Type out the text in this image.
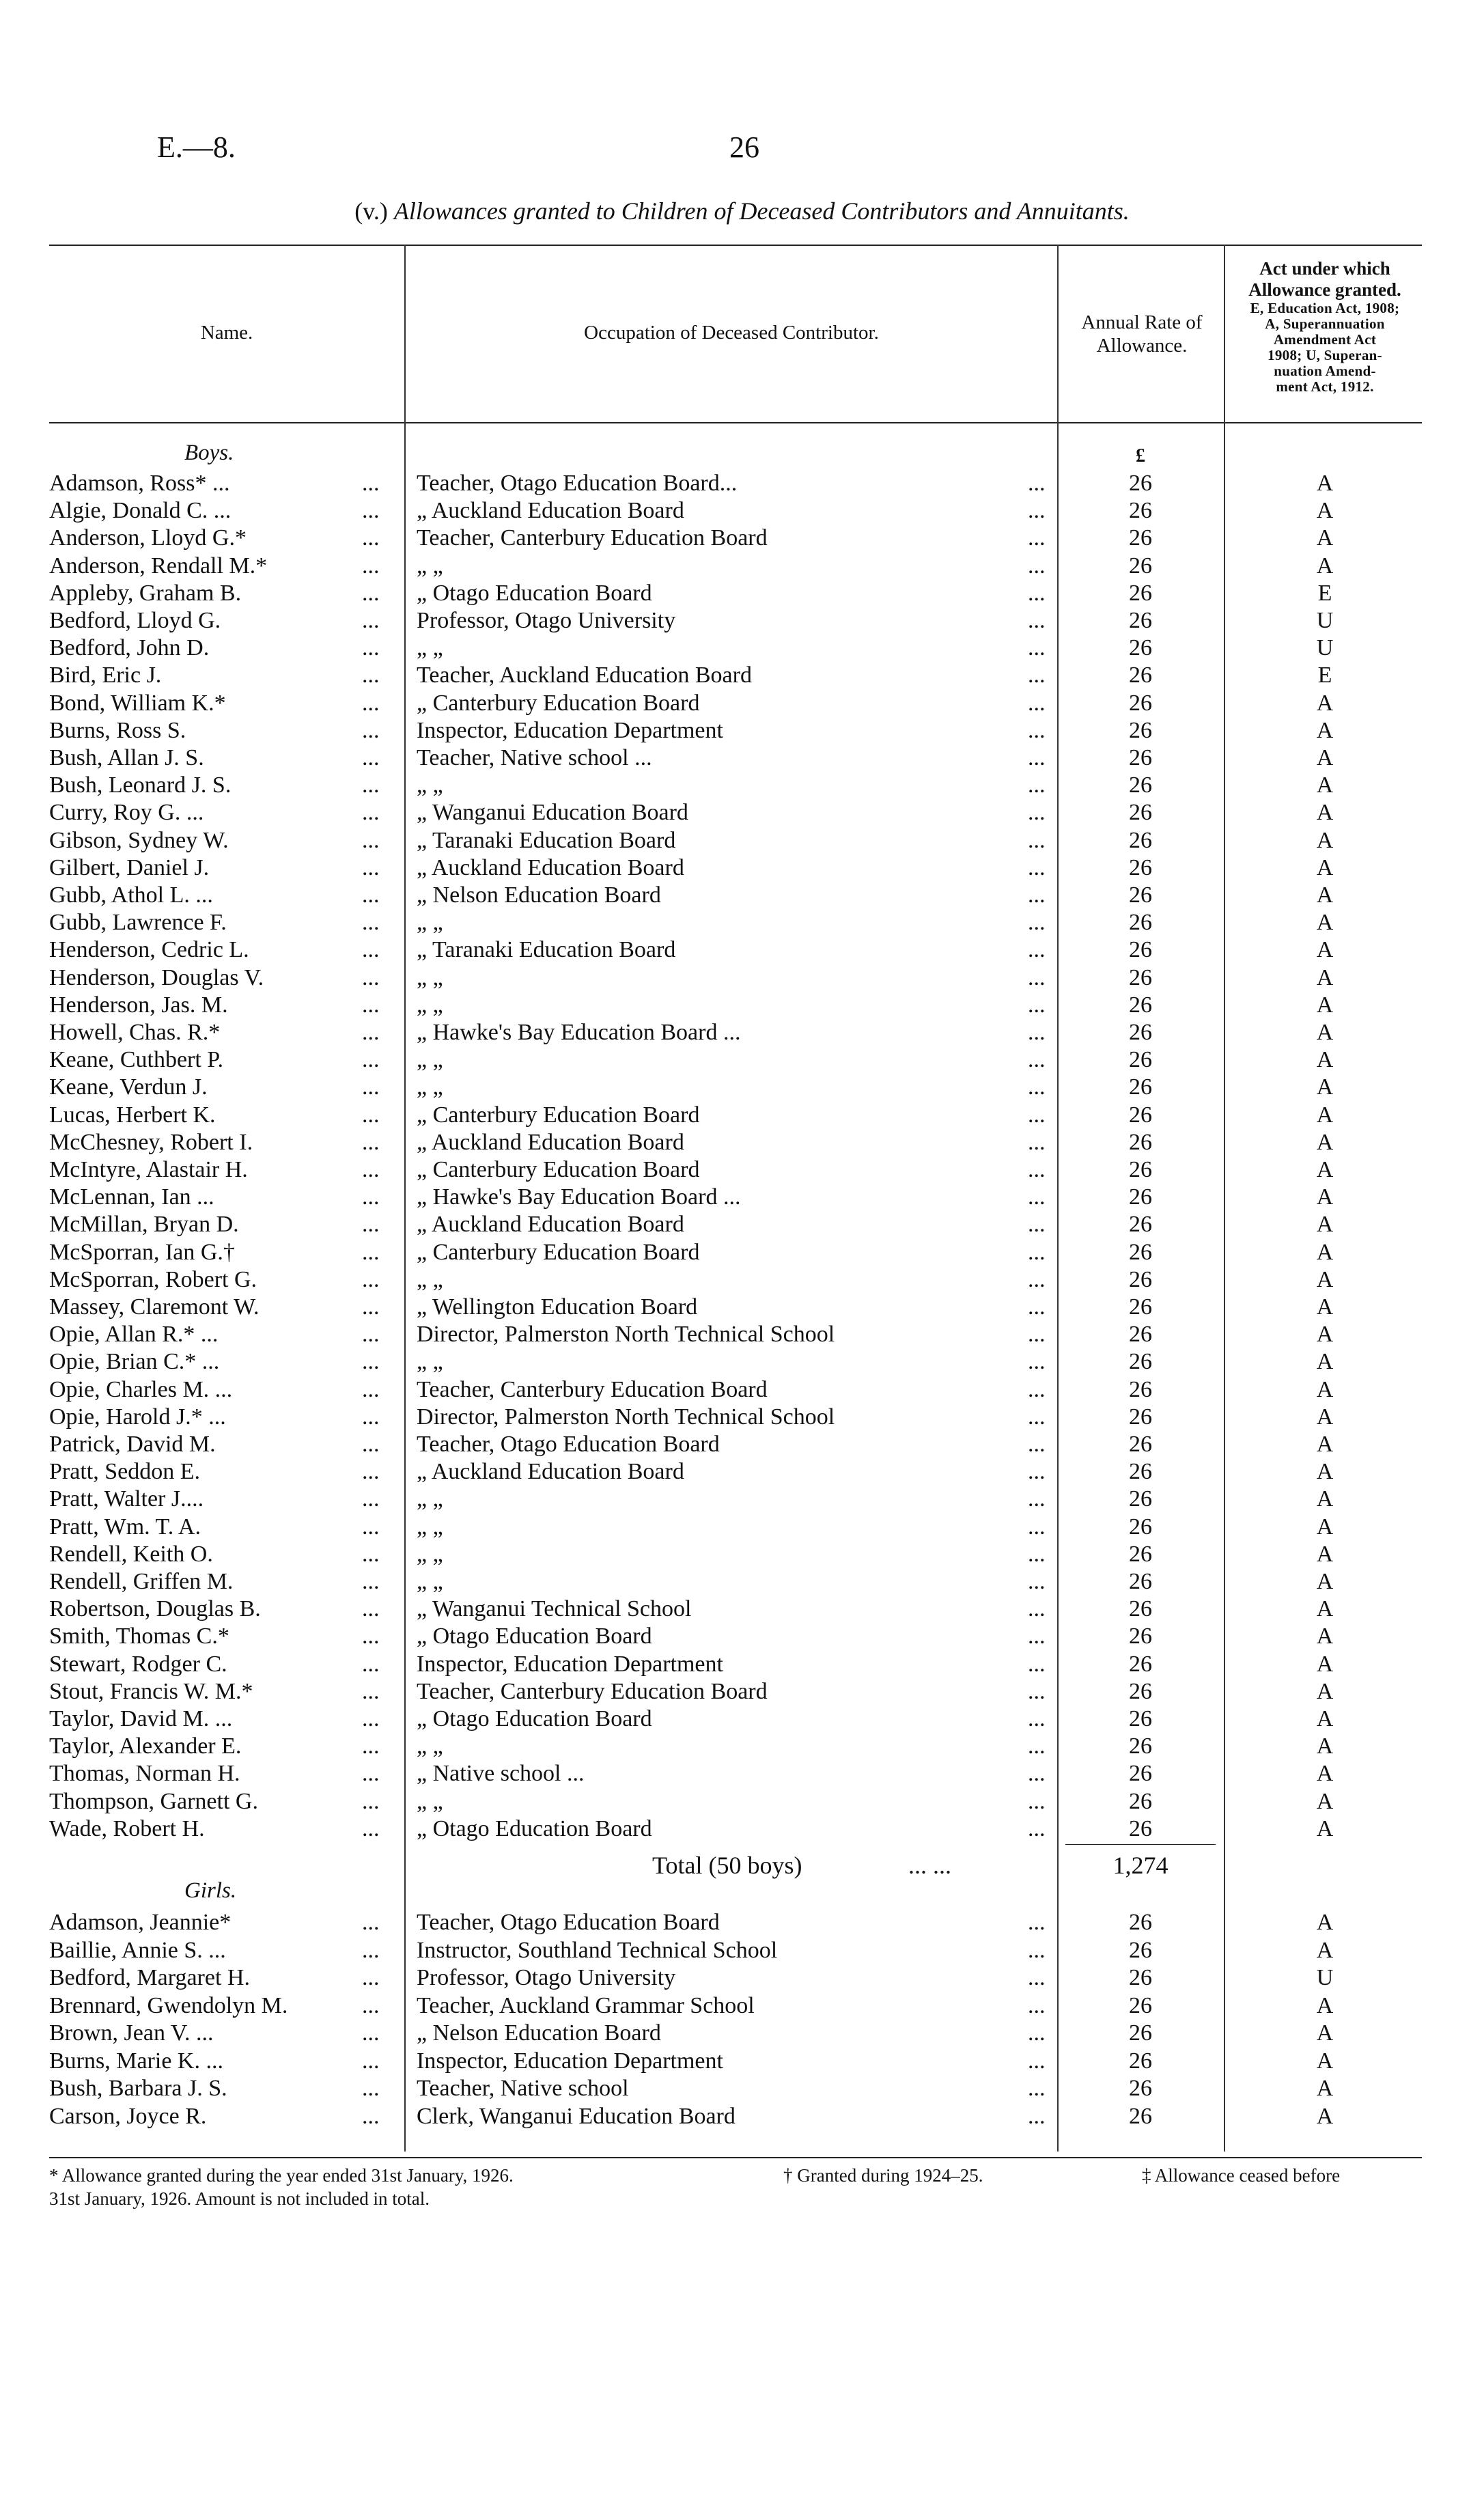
E.—8.	26
(v.) Allowances granted to Children of Deceased Contributors and Annuitants.
Name.	Occupation of Deceased Contributor.	Annual Rate of
Allowance.
Act under which
Allowance granted.
E, Education Act, 1908;
A, Superannuation
Amendment Act
1908; U, Superan-
nuation Amend-
ment Act, 1912.
Boys.	£
Adamson, Ross* ...	... Teacher, Otago Education Board...	...	26	A
Algie, Donald C. ...	... „ Auckland Education Board	...	26	A
Anderson, Lloyd G.*	... Teacher, Canterbury Education Board	...	26	A
Anderson, Rendall M.*	... „ „	...	26	A
Appleby, Graham B.	... „ Otago Education Board	...	26	E
Bedford, Lloyd G.	... Professor, Otago University	...	26	U
Bedford, John D.	... „ „	...	26	U
Bird, Eric J.	... Teacher, Auckland Education Board	...	26	E
Bond, William K.*	... „ Canterbury Education Board	...	26	A
Burns, Ross S.	... Inspector, Education Department	...	26	A
Bush, Allan J. S.	... Teacher, Native school ...	...	26	A
Bush, Leonard J. S.	... „ „	...	26	A
Curry, Roy G. ...	... „ Wanganui Education Board	...	26	A
Gibson, Sydney W.	... „ Taranaki Education Board	...	26	A
Gilbert, Daniel J.	... „ Auckland Education Board	...	26	A
Gubb, Athol L. ...	... „ Nelson Education Board	...	26	A
Gubb, Lawrence F.	... „ „	...	26	A
Henderson, Cedric L.	... „ Taranaki Education Board	...	26	A
Henderson, Douglas V.	... „ „	...	26	A
Henderson, Jas. M.	... „ „	...	26	A
Howell, Chas. R.*	... „ Hawke's Bay Education Board ...	...	26	A
Keane, Cuthbert P.	... „ „	...	26	A
Keane, Verdun J.	... „ „	...	26	A
Lucas, Herbert K.	... „ Canterbury Education Board	...	26	A
McChesney, Robert I.	... „ Auckland Education Board	...	26	A
McIntyre, Alastair H.	... „ Canterbury Education Board	...	26	A
McLennan, Ian ...	... „ Hawke's Bay Education Board ...	...	26	A
McMillan, Bryan D.	... „ Auckland Education Board	...	26	A
McSporran, Ian G.†	... „ Canterbury Education Board	...	26	A
McSporran, Robert G.	... „ „	...	26	A
Massey, Claremont W.	... „ Wellington Education Board	...	26	A
Opie, Allan R.* ...	... Director, Palmerston North Technical School	...	26	A
Opie, Brian C.* ...	... „ „	...	26	A
Opie, Charles M. ...	... Teacher, Canterbury Education Board	...	26	A
Opie, Harold J.* ...	... Director, Palmerston North Technical School	...	26	A
Patrick, David M.	... Teacher, Otago Education Board	...	26	A
Pratt, Seddon E.	... „ Auckland Education Board	...	26	A
Pratt, Walter J....	... „ „	...	26	A
Pratt, Wm. T. A.	... „ „	...	26	A
Rendell, Keith O.	... „ „	...	26	A
Rendell, Griffen M.	... „ „	...	26	A
Robertson, Douglas B.	... „ Wanganui Technical School	...	26	A
Smith, Thomas C.*	... „ Otago Education Board	...	26	A
Stewart, Rodger C.	... Inspector, Education Department	...	26	A
Stout, Francis W. M.*	... Teacher, Canterbury Education Board	...	26	A
Taylor, David M. ...	... „ Otago Education Board	...	26	A
Taylor, Alexander E.	... „ „	...	26	A
Thomas, Norman H.	... „ Native school ...	...	26	A
Thompson, Garnett G.	... „ „	...	26	A
Wade, Robert H.	... „ Otago Education Board	...	26	A
Total (50 boys)	... ...	1,274
Girls.
Adamson, Jeannie*	... Teacher, Otago Education Board	...	26	A
Baillie, Annie S. ...	... Instructor, Southland Technical School	...	26	A
Bedford, Margaret H.	... Professor, Otago University	...	26	U
Brennard, Gwendolyn M.	... Teacher, Auckland Grammar School	...	26	A
Brown, Jean V. ...	... „ Nelson Education Board	...	26	A
Burns, Marie K. ...	... Inspector, Education Department	...	26	A
Bush, Barbara J. S.	... Teacher, Native school	...	26	A
Carson, Joyce R.	... Clerk, Wanganui Education Board	...	26	A
* Allowance granted during the year ended 31st January, 1926.	† Granted during 1924–25.	‡ Allowance ceased before
31st January, 1926. Amount is not included in total.
